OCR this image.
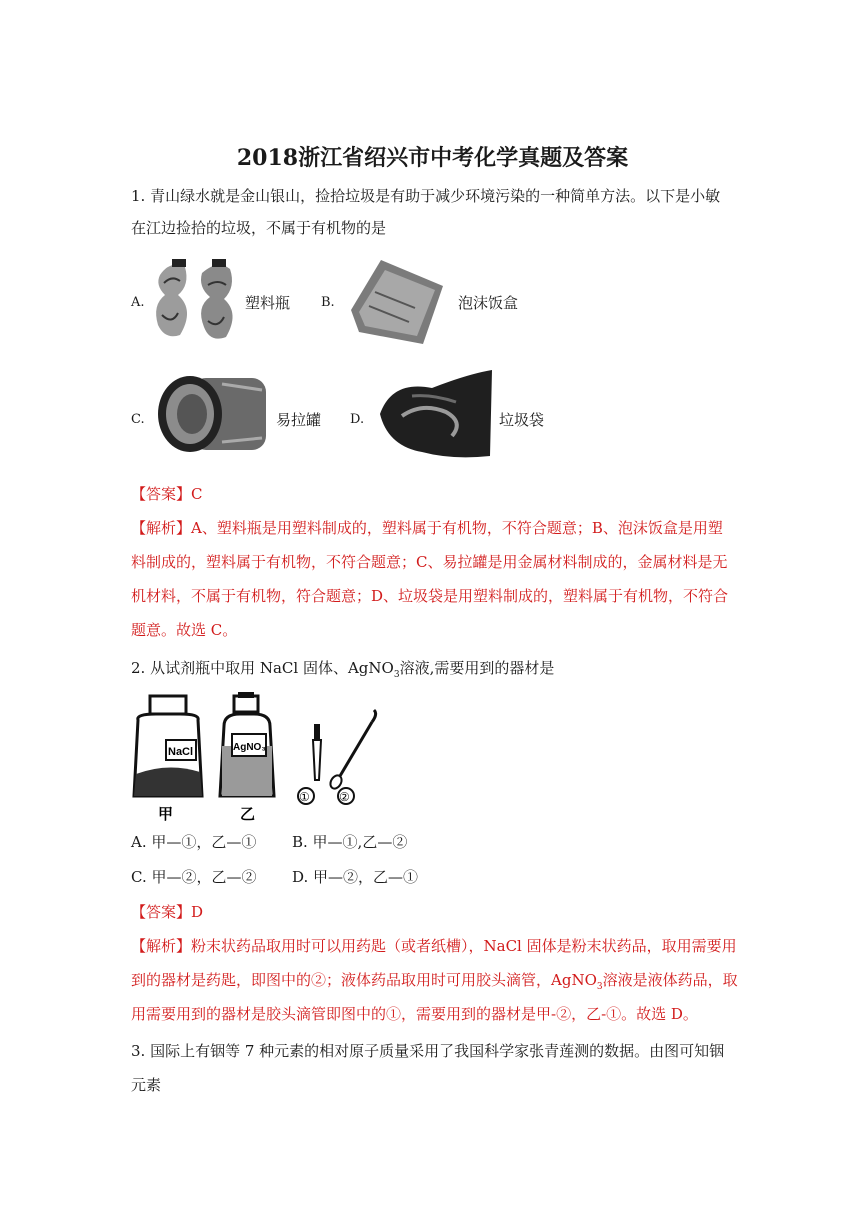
2018浙江省绍兴市中考化学真题及答案
1. 青山绿水就是金山银山，捡拾垃圾是有助于减少环境污染的一种简单方法。以下是小敏
在江边捡拾的垃圾，不属于有机物的是
A.	塑料瓶 B.	泡沫饭盒
C.	易拉罐 D.	垃圾袋
【答案】C
【解析】A、塑料瓶是用塑料制成的，塑料属于有机物，不符合题意；B、泡沫饭盒是用塑
料制成的，塑料属于有机物，不符合题意；C、易拉罐是用金属材料制成的，金属材料是无
机材料，不属于有机物，符合题意；D、垃圾袋是用塑料制成的，塑料属于有机物，不符合
题意。故选 C。
2. 从试剂瓶中取用 NaCl 固体、AgNO$_3$溶液,需要用到的器材是
NaCl
甲
AgNO₃
乙
① ②
A. 甲—①，乙—① B. 甲—①,乙—②
C. 甲—②，乙—② D. 甲—②，乙—①
【答案】D
【解析】粉末状药品取用时可以用药匙（或者纸槽），NaCl 固体是粉末状药品，取用需要用
到的器材是药匙，即图中的②；液体药品取用时可用胶头滴管，AgNO$_3$溶液是液体药品，取
用需要用到的器材是胶头滴管即图中的①，需要用到的器材是甲-②，乙-①。故选 D。
3. 国际上有铟等 7 种元素的相对原子质量采用了我国科学家张青莲测的数据。由图可知铟
元素
